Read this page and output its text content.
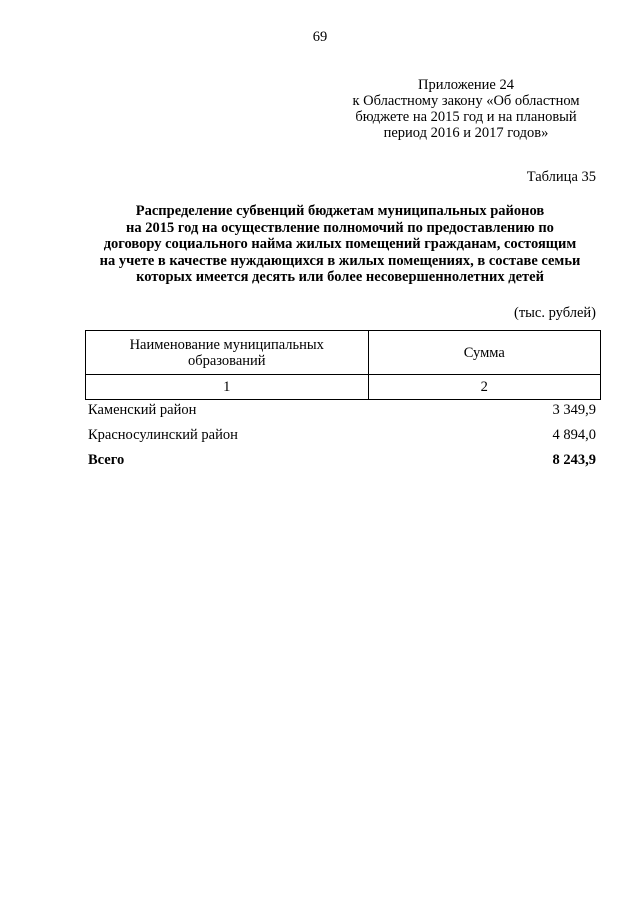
69
Приложение 24
к Областному закону «Об областном
бюджете на 2015 год и на плановый
период 2016 и 2017 годов»
Таблица 35
Распределение субвенций бюджетам муниципальных районов
на 2015 год на осуществление полномочий по предоставлению по
договору социального найма жилых помещений гражданам, состоящим
на учете в качестве нуждающихся в жилых помещениях, в составе семьи
которых имеется десять или более несовершеннолетних детей
(тыс. рублей)
Наименование муниципальных
образований	Сумма
1	2
Каменский район	3 349,9
Красносулинский район	4 894,0
Всего	8 243,9
